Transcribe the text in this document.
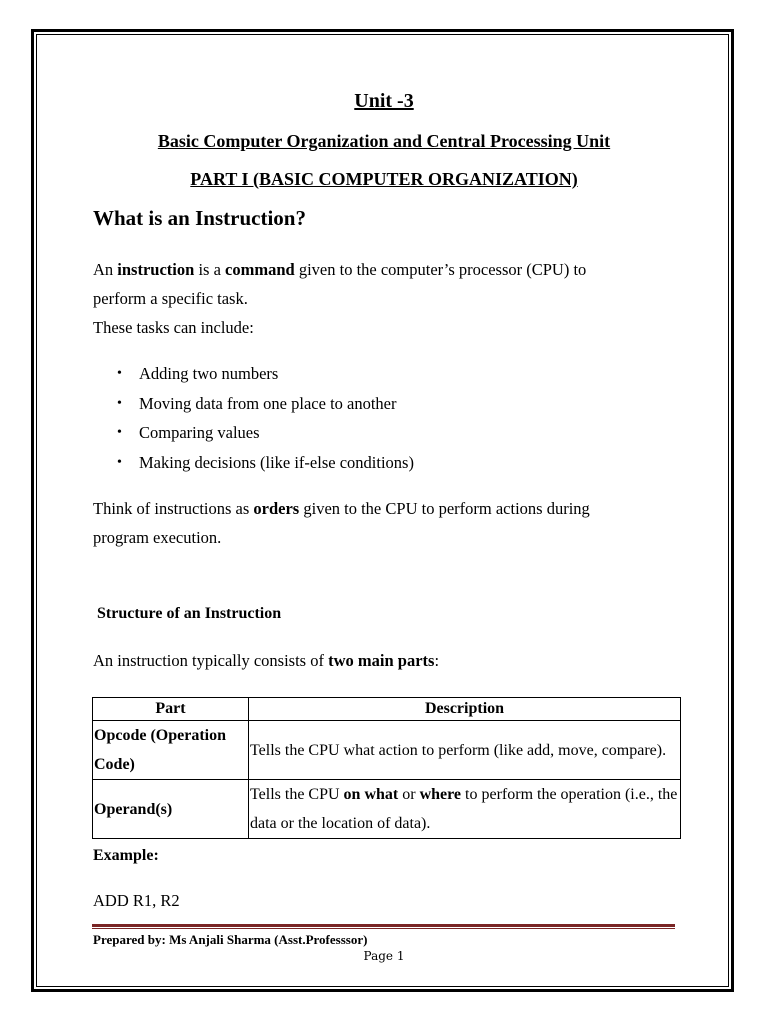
Unit -3
Basic Computer Organization and Central Processing Unit
PART I (BASIC COMPUTER ORGANIZATION)
What is an Instruction?
An instruction is a command given to the computer’s processor (CPU) to
perform a specific task.
These tasks can include:
• Adding two numbers
• Moving data from one place to another
• Comparing values
• Making decisions (like if-else conditions)
Think of instructions as orders given to the CPU to perform actions during
program execution.
Structure of an Instruction
An instruction typically consists of two main parts:
Part	Description
Opcode (Operation Code)	Tells the CPU what action to perform (like add, move, compare).
Operand(s)	Tells the CPU on what or where to perform the operation (i.e., the data or the location of data).
Example:
ADD R1, R2
Prepared by: Ms Anjali Sharma (Asst.Professsor)
Page 1
